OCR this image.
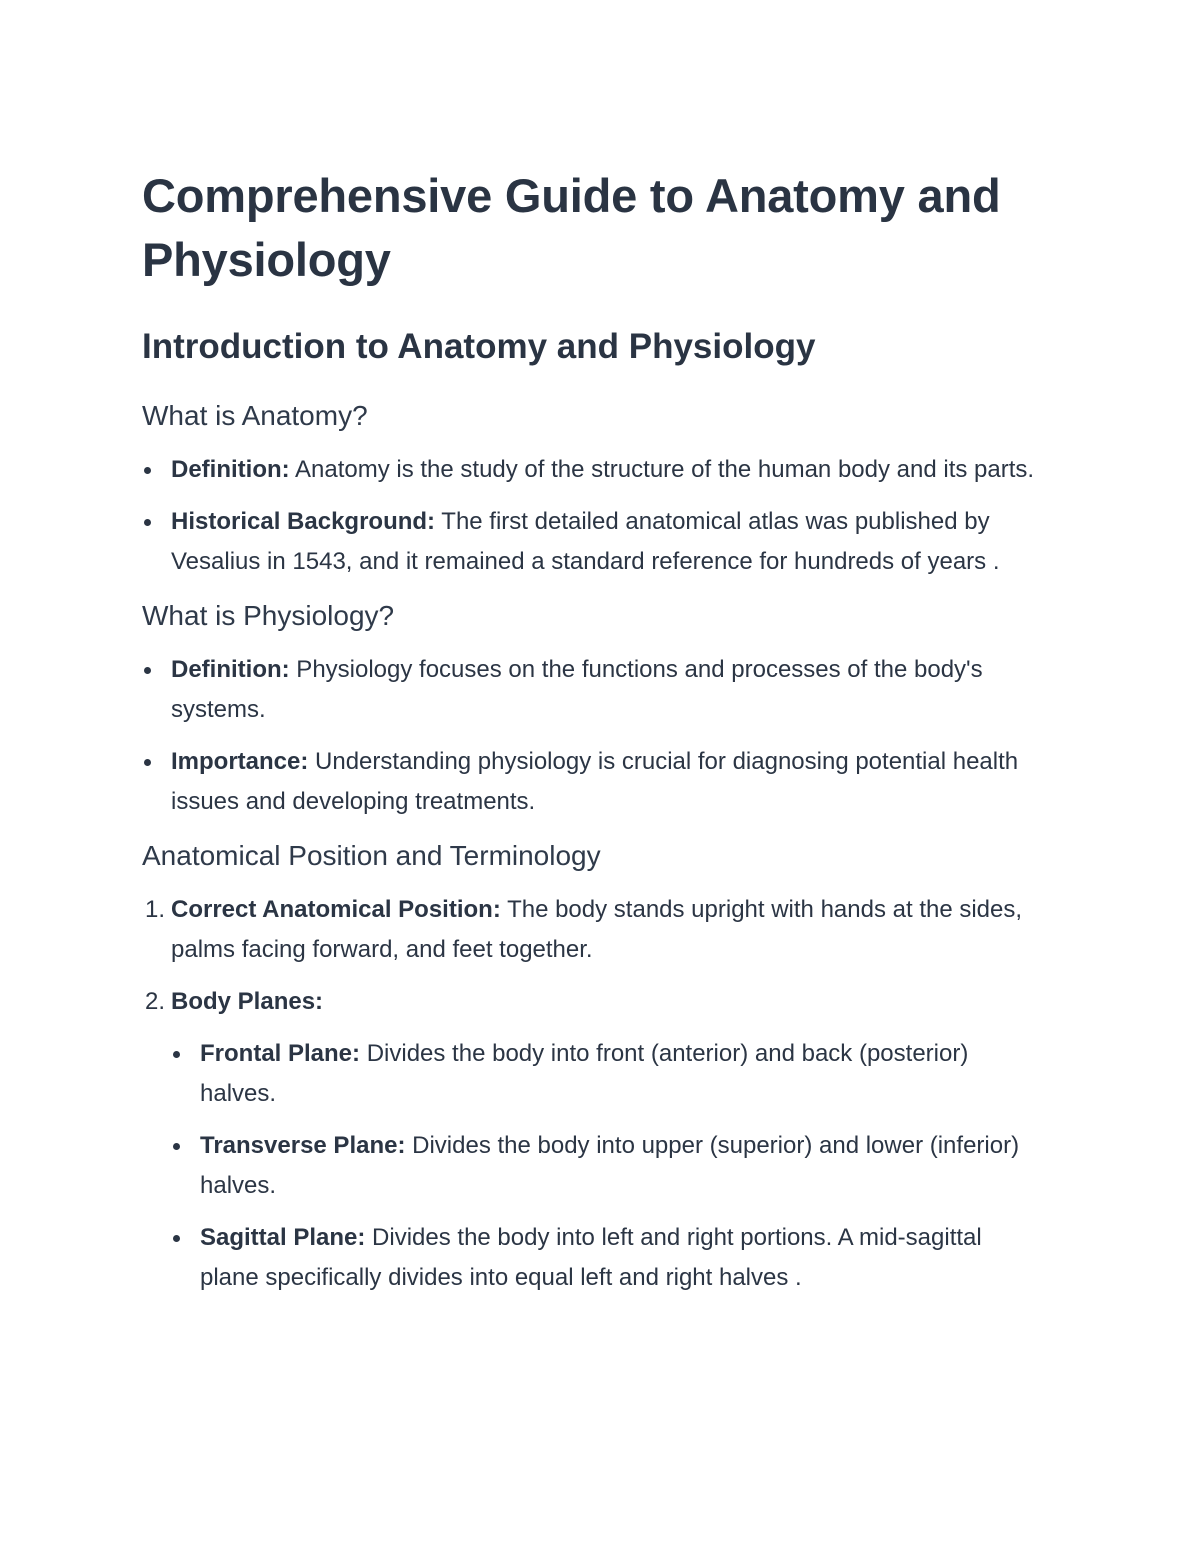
Comprehensive Guide to Anatomy and Physiology
Introduction to Anatomy and Physiology
What is Anatomy?
Definition: Anatomy is the study of the structure of the human body and its parts.
Historical Background: The first detailed anatomical atlas was published by Vesalius in 1543, and it remained a standard reference for hundreds of years .
What is Physiology?
Definition: Physiology focuses on the functions and processes of the body's systems.
Importance: Understanding physiology is crucial for diagnosing potential health issues and developing treatments.
Anatomical Position and Terminology
1. Correct Anatomical Position: The body stands upright with hands at the sides, palms facing forward, and feet together.
2. Body Planes:
Frontal Plane: Divides the body into front (anterior) and back (posterior) halves.
Transverse Plane: Divides the body into upper (superior) and lower (inferior) halves.
Sagittal Plane: Divides the body into left and right portions. A mid-sagittal plane specifically divides into equal left and right halves .
